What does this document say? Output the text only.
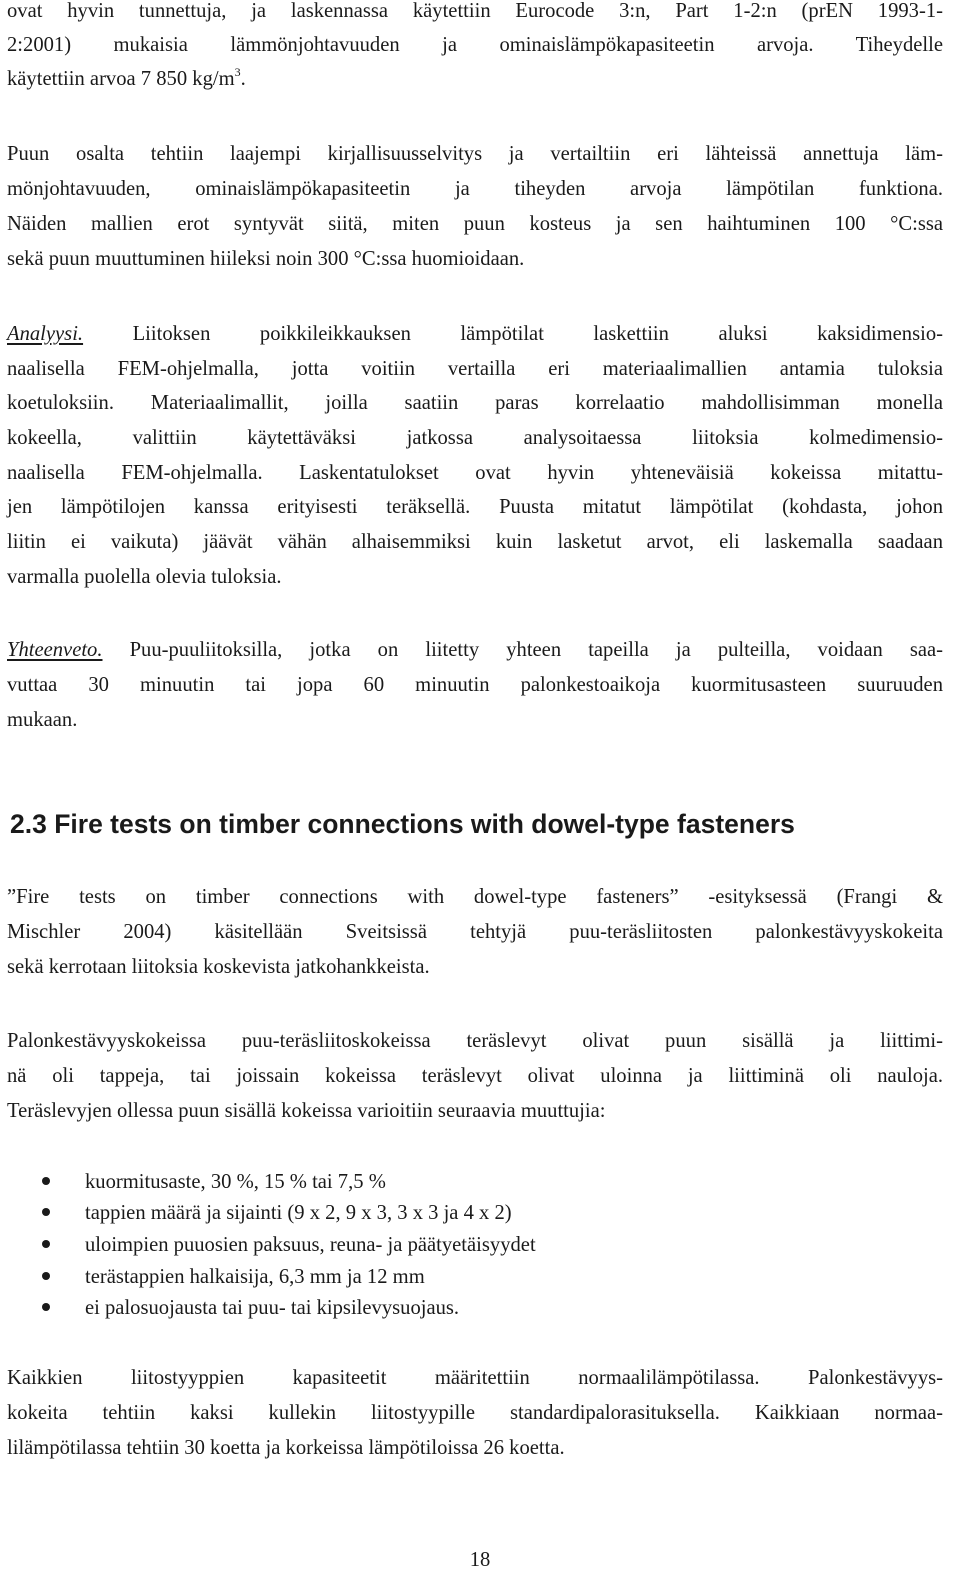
ovat hyvin tunnettuja, ja laskennassa käytettiin Eurocode 3:n, Part 1-2:n (prEN 1993-1-
2:2001) mukaisia lämmönjohtavuuden ja ominaislämpökapasiteetin arvoja. Tiheydelle
käytettiin arvoa 7 850 $kg/m^3$.
Puun osalta tehtiin laajempi kirjallisuusselvitys ja vertailtiin eri lähteissä annettuja läm-
mönjohtavuuden, ominaislämpökapasiteetin ja tiheyden arvoja lämpötilan funktiona.
Näiden mallien erot syntyvät siitä, miten puun kosteus ja sen haihtuminen 100 °C:ssa
sekä puun muuttuminen hiileksi noin 300 °C:ssa huomioidaan.
Analyysi. Liitoksen poikkileikkauksen lämpötilat laskettiin aluksi kaksidimensio-
naalisella FEM-ohjelmalla, jotta voitiin vertailla eri materiaalimallien antamia tuloksia
koetuloksiin. Materiaalimallit, joilla saatiin paras korrelaatio mahdollisimman monella
kokeella, valittiin käytettäväksi jatkossa analysoitaessa liitoksia kolmedimensio-
naalisella FEM-ohjelmalla. Laskentatulokset ovat hyvin yhteneväisiä kokeissa mitattu-
jen lämpötilojen kanssa erityisesti teräksellä. Puusta mitatut lämpötilat (kohdasta, johon
liitin ei vaikuta) jäävät vähän alhaisemmiksi kuin lasketut arvot, eli laskemalla saadaan
varmalla puolella olevia tuloksia.
Yhteenveto. Puu-puuliitoksilla, jotka on liitetty yhteen tapeilla ja pulteilla, voidaan saa-
vuttaa 30 minuutin tai jopa 60 minuutin palonkestoaikoja kuormitusasteen suuruuden
mukaan.
2.3 Fire tests on timber connections with dowel-type fasteners
”Fire tests on timber connections with dowel-type fasteners” -esityksessä (Frangi &
Mischler 2004) käsitellään Sveitsissä tehtyjä puu-teräsliitosten palonkestävyyskokeita
sekä kerrotaan liitoksia koskevista jatkohankkeista.
Palonkestävyyskokeissa puu-teräsliitoskokeissa teräslevyt olivat puun sisällä ja liittimi-
nä oli tappeja, tai joissain kokeissa teräslevyt olivat uloinna ja liittiminä oli nauloja.
Teräslevyjen ollessa puun sisällä kokeissa varioitiin seuraavia muuttujia:
kuormitusaste, 30 %, 15 % tai 7,5 %
tappien määrä ja sijainti (9 x 2, 9 x 3, 3 x 3 ja 4 x 2)
uloimpien puuosien paksuus, reuna- ja päätyetäisyydet
terästappien halkaisija, 6,3 mm ja 12 mm
ei palosuojausta tai puu- tai kipsilevysuojaus.
Kaikkien liitostyyppien kapasiteetit määritettiin normaalilämpötilassa. Palonkestävyys-
kokeita tehtiin kaksi kullekin liitostyypille standardipalorasituksella. Kaikkiaan normaa-
lilämpötilassa tehtiin 30 koetta ja korkeissa lämpötiloissa 26 koetta.
18
